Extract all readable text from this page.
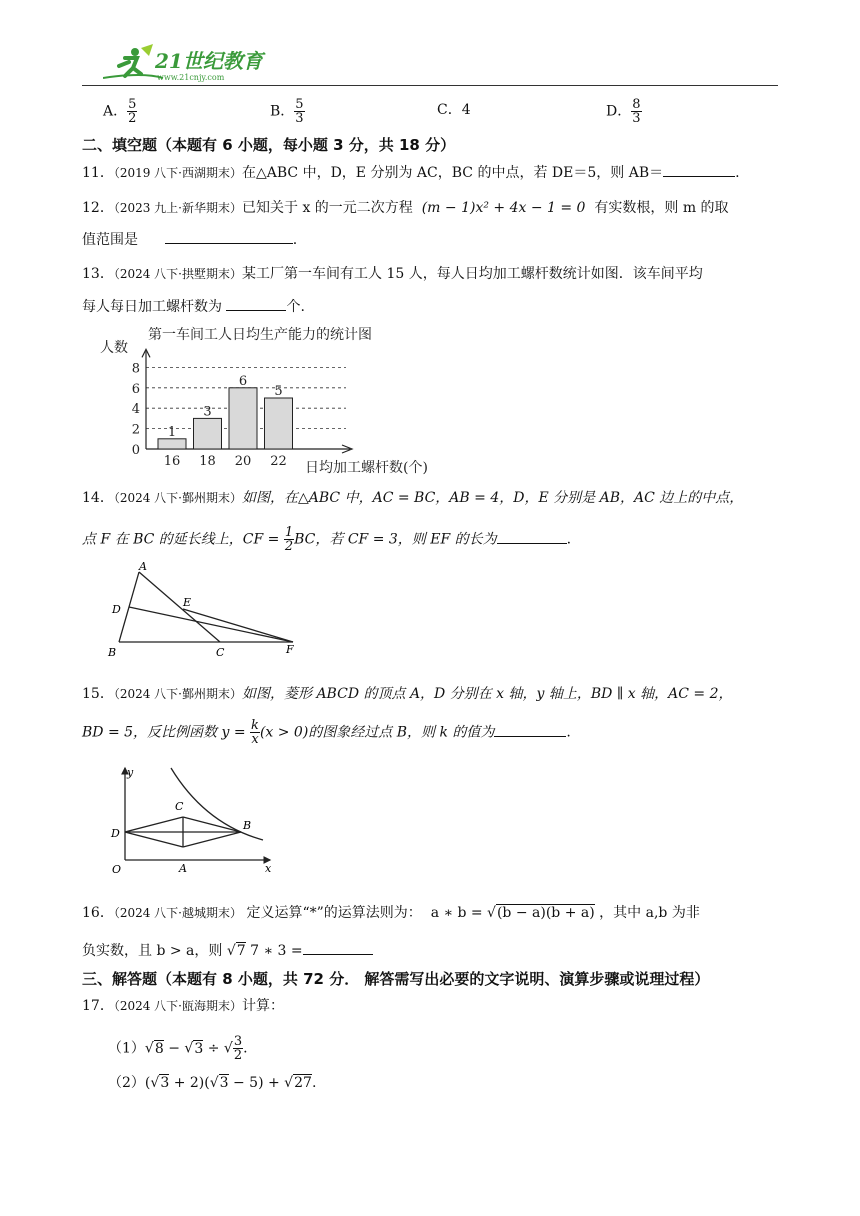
21世纪教育
www.21cnjy.com
A． $\frac{5}{2}$	B． $\frac{5}{3}$	C．4	D． $\frac{8}{3}$
二、填空题（本题有 6 小题，每小题 3 分，共 18 分）
11．（2019 八下·西湖期末）在△ABC 中，D，E 分别为 AC，BC 的中点，若 DE＝5，则 AB＝	.
12．（2023 九上·新华期末）已知关于 x 的一元二次方程 (m − 1)x² + 4x − 1 = 0 有实数根，则 m 的取
值范围是	.
13．（2024 八下·拱墅期末）某工厂第一车间有工人 15 人，每人日均加工螺杆数统计如图．该车间平均
每人每日加工螺杆数为	个.
第一车间工人日均生产能力的统计图
人数
日均加工螺杆数(个)
0
2
4
6
8
1
16
3
18
6
20
5
22
14．（2024 八下·鄞州期末）如图，在△ABC 中，AC = BC，AB = 4，D，E 分别是 AB，AC 边上的中点，
点 F 在 BC 的延长线上，CF = $\frac{1}{2}$ BC，若 CF = 3，则 EF 的长为	.
A
B	C
D
E
F
15．（2024 八下·鄞州期末）如图，菱形 ABCD 的顶点 A，D 分别在 x 轴，y 轴上，BD ∥ x 轴，AC = 2，
BD = 5，反比例函数 $y = \frac{k}{x} (x > 0)$的图象经过点 B，则 k 的值为	.
y
x
O	A
B
C
D
16．（2024 八下·越城期末） 定义运算“*”的运算法则为： a ∗ b = √(b − a)(b + a) ，其中 a,b 为非
负实数，且 b > a，则 √7 7 ∗ 3 =
三、解答题（本题有 8 小题，共 72 分． 解答需写出必要的文字说明、演算步骤或说理过程）
17．（2024 八下·瓯海期末）计算：
（1）√8 − √3 ÷ √ $\frac{3}{2}$ .
（2）(√3 + 2)(√3 − 5) + √27.
